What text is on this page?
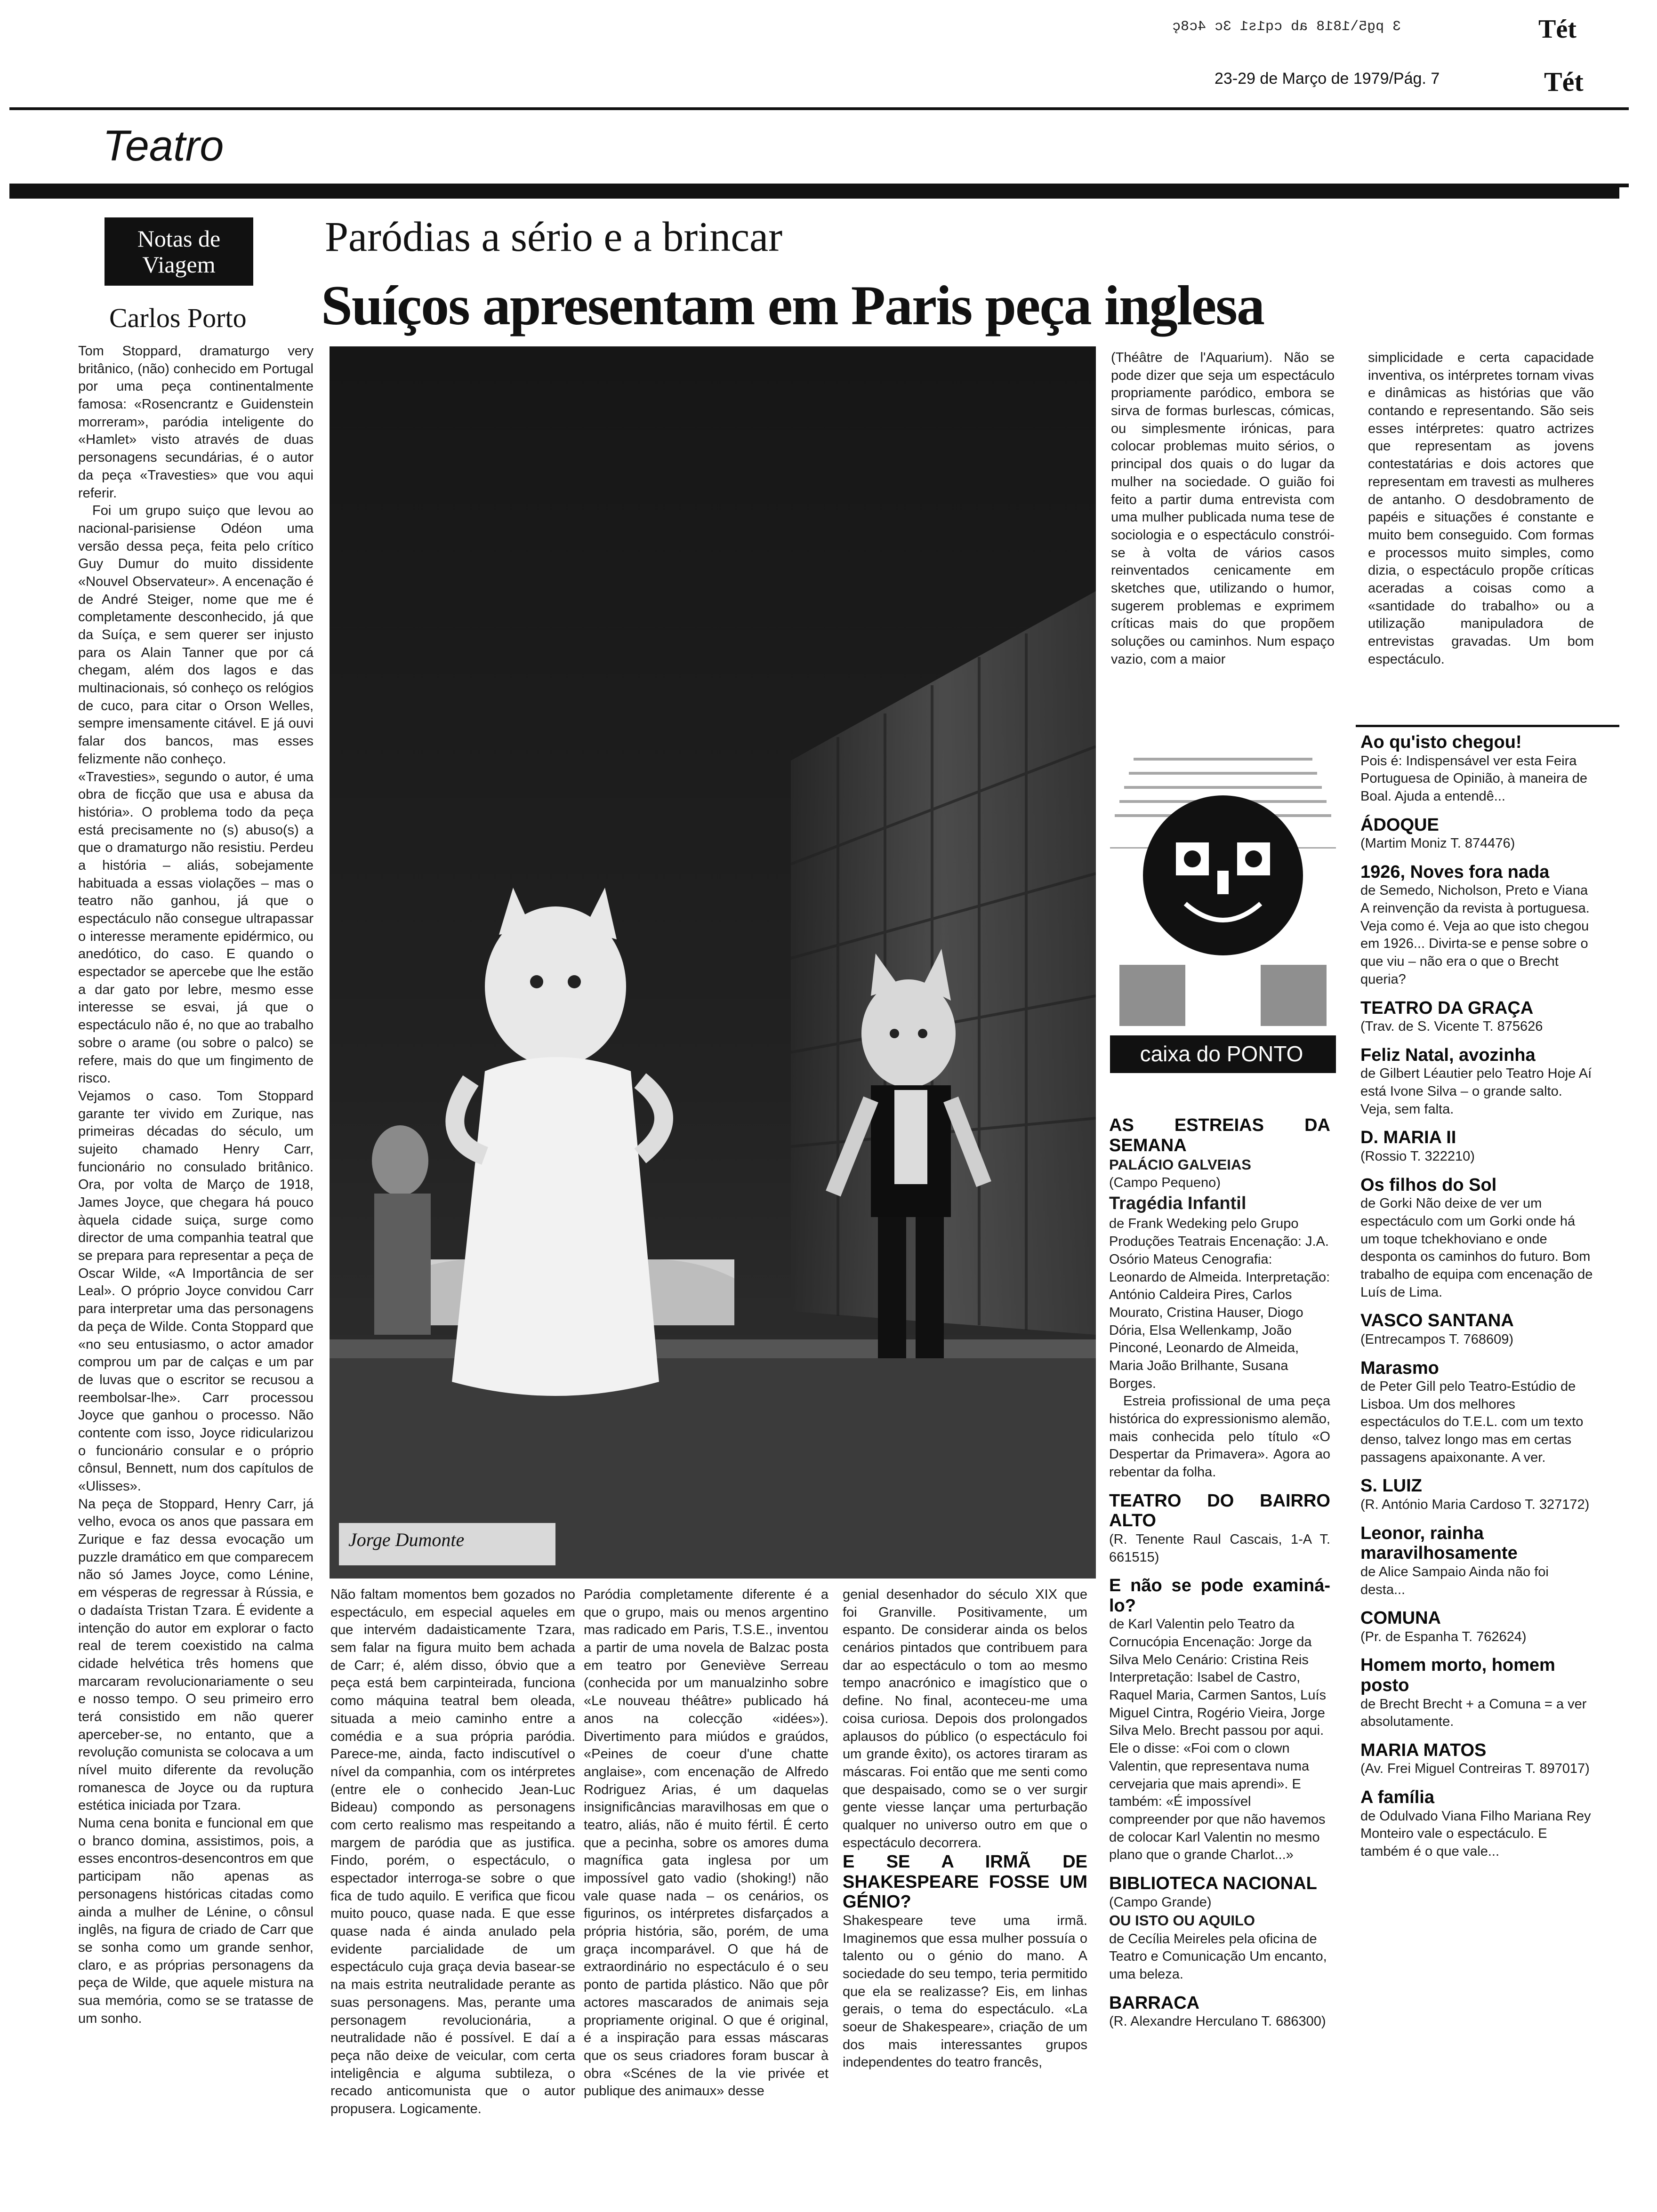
3 pg5\1818 ab cq1s1 3c 4c8ç	Tét
23-29 de Março de 1979/Pág. 7	Tét
Teatro
Notas de Viagem
Carlos Porto
Paródias a sério e a brincar
Suíços apresentam em Paris peça inglesa

Tom Stoppard, dramaturgo very britânico, (não) conhecido em Portugal por uma peça continentalmente famosa: «Rosencrantz e Guidenstein morreram», paródia inteligente do «Hamlet» visto através de duas personagens secundárias, é o autor da peça «Travesties» que vou aqui referir.

Foi um grupo suiço que levou ao nacional-parisiense Odéon uma versão dessa peça, feita pelo crítico Guy Dumur do muito dissidente «Nouvel Observateur». A encenação é de André Steiger, nome que me é completamente desconhecido, já que da Suíça, e sem querer ser injusto para os Alain Tanner que por cá chegam, além dos lagos e das multinacionais, só conheço os relógios de cuco, para citar o Orson Welles, sempre imensamente citável. E já ouvi falar dos bancos, mas esses felizmente não conheço.

«Travesties», segundo o autor, é uma obra de ficção que usa e abusa da história». O problema todo da peça está precisamente no (s) abuso(s) a que o dramaturgo não resistiu. Perdeu a história – aliás, sobejamente habituada a essas violações – mas o teatro não ganhou, já que o espectáculo não consegue ultrapassar o interesse meramente epidérmico, ou anedótico, do caso. E quando o espectador se apercebe que lhe estão a dar gato por lebre, mesmo esse interesse se esvai, já que o espectáculo não é, no que ao trabalho sobre o arame (ou sobre o palco) se refere, mais do que um fingimento de risco.

Vejamos o caso. Tom Stoppard garante ter vivido em Zurique, nas primeiras décadas do século, um sujeito chamado Henry Carr, funcionário no consulado britânico. Ora, por volta de Março de 1918, James Joyce, que chegara há pouco àquela cidade suiça, surge como director de uma companhia teatral que se prepara para representar a peça de Oscar Wilde, «A Importância de ser Leal». O próprio Joyce convidou Carr para interpretar uma das personagens da peça de Wilde. Conta Stoppard que «no seu entusiasmo, o actor amador comprou um par de calças e um par de luvas que o escritor se recusou a reembolsar-lhe». Carr processou Joyce que ganhou o processo. Não contente com isso, Joyce ridicularizou o funcionário consular e o próprio cônsul, Bennett, num dos capítulos de «Ulisses».

Na peça de Stoppard, Henry Carr, já velho, evoca os anos que passara em Zurique e faz dessa evocação um puzzle dramático em que comparecem não só James Joyce, como Lénine, em vésperas de regressar à Rússia, e o dadaísta Tristan Tzara. É evidente a intenção do autor em explorar o facto real de terem coexistido na calma cidade helvética três homens que marcaram revolucionariamente o seu e nosso tempo. O seu primeiro erro terá consistido em não querer aperceber-se, no entanto, que a revolução comunista se colocava a um nível muito diferente da revolução romanesca de Joyce ou da ruptura estética iniciada por Tzara.

Numa cena bonita e funcional em que o branco domina, assistimos, pois, a esses encontros-desencontros em que participam não apenas as personagens históricas citadas como ainda a mulher de Lénine, o cônsul inglês, na figura de criado de Carr que se sonha como um grande senhor, claro, e as próprias personagens da peça de Wilde, que aquele mistura na sua memória, como se se tratasse de um sonho.

Jorge Dumonte
Não faltam momentos bem gozados no espectáculo, em especial aqueles em que intervém dadaisticamente Tzara, sem falar na figura muito bem achada de Carr; é, além disso, óbvio que a peça está bem carpinteirada, funciona como máquina teatral bem oleada, situada a meio caminho entre a comédia e a sua própria paródia. Parece-me, ainda, facto indiscutível o nível da companhia, com os intérpretes (entre ele o conhecido Jean-Luc Bideau) compondo as personagens com certo realismo mas respeitando a margem de paródia que as justifica. Findo, porém, o espectáculo, o espectador interroga-se sobre o que fica de tudo aquilo. E verifica que ficou muito pouco, quase nada. E que esse quase nada é ainda anulado pela evidente parcialidade de um espectáculo cuja graça devia basear-se na mais estrita neutralidade perante as suas personagens. Mas, perante uma personagem revolucionária, a neutralidade não é possível. E daí a peça não deixe de veicular, com certa inteligência e alguma subtileza, o recado anticomunista que o autor propusera. Logicamente.
Paródia completamente diferente é a que o grupo, mais ou menos argentino mas radicado em Paris, T.S.E., inventou a partir de uma novela de Balzac posta em teatro por Geneviève Serreau (conhecida por um manualzinho sobre «Le nouveau théâtre» publicado há anos na colecção «idées»). Divertimento para miúdos e graúdos, «Peines de coeur d'une chatte anglaise», com encenação de Alfredo Rodriguez Arias, é um daquelas insignificâncias maravilhosas em que o teatro, aliás, não é muito fértil. É certo que a pecinha, sobre os amores duma magnífica gata inglesa por um impossível gato vadio (shoking!) não vale quase nada – os cenários, os figurinos, os intérpretes disfarçados a própria história, são, porém, de uma graça incomparável. O que há de extraordinário no espectáculo é o seu ponto de partida plástico. Não que pôr actores mascarados de animais seja propriamente original. O que é original, é a inspiração para essas máscaras que os seus criadores foram buscar à obra «Scénes de la vie privée et publique des animaux» desse

genial desenhador do século XIX que foi Granville. Positivamente, um espanto. De considerar ainda os belos cenários pintados que contribuem para dar ao espectáculo o tom ao mesmo tempo anacrónico e imagístico que o define. No final, aconteceu-me uma coisa curiosa. Depois dos prolongados aplausos do público (o espectáculo foi um grande êxito), os actores tiraram as máscaras. Foi então que me senti como que despaisado, como se o ver surgir gente viesse lançar uma perturbação qualquer no universo outro em que o espectáculo decorrera.

E SE A IRMÃ DE SHAKESPEARE FOSSE UM GÉNIO?

Shakespeare teve uma irmã. Imaginemos que essa mulher possuía o talento ou o génio do mano. A sociedade do seu tempo, teria permitido que ela se realizasse? Eis, em linhas gerais, o tema do espectáculo. «La soeur de Shakespeare», criação de um dos mais interessantes grupos independentes do teatro francês,

(Théâtre de l'Aquarium). Não se pode dizer que seja um espectáculo propriamente paródico, embora se sirva de formas burlescas, cómicas, ou simplesmente irónicas, para colocar problemas muito sérios, o principal dos quais o do lugar da mulher na sociedade. O guião foi feito a partir duma entrevista com uma mulher publicada numa tese de sociologia e o espectáculo constrói-se à volta de vários casos reinventados cenicamente em sketches que, utilizando o humor, sugerem problemas e exprimem críticas mais do que propõem soluções ou caminhos. Num espaço vazio, com a maior
simplicidade e certa capacidade inventiva, os intérpretes tornam vivas e dinâmicas as histórias que vão contando e representando. São seis esses intérpretes: quatro actrizes que representam as jovens contestatárias e dois actores que representam em travesti as mulheres de antanho. O desdobramento de papéis e situações é constante e muito bem conseguido. Com formas e processos muito simples, como dizia, o espectáculo propõe críticas aceradas a coisas como a «santidade do trabalho» ou a utilização manipuladora de entrevistas gravadas. Um bom espectáculo.
caixa do PONTO

AS ESTREIAS DA SEMANA

PALÁCIO GALVEIAS

(Campo Pequeno)

Tragédia Infantil

de Frank Wedeking pelo Grupo Produções Teatrais Encenação: J.A. Osório Mateus Cenografia: Leonardo de Almeida. Interpretação: António Caldeira Pires, Carlos Mourato, Cristina Hauser, Diogo Dória, Elsa Wellenkamp, João Pinconé, Leonardo de Almeida, Maria João Brilhante, Susana Borges.

Estreia profissional de uma peça histórica do expressionismo alemão, mais conhecida pelo título «O Despertar da Primavera». Agora ao rebentar da folha.

TEATRO DO BAIRRO ALTO

(R. Tenente Raul Cascais, 1-A T. 661515)

E não se pode examiná-lo?

de Karl Valentin pelo Teatro da Cornucópia Encenação: Jorge da Silva Melo Cenário: Cristina Reis Interpretação: Isabel de Castro, Raquel Maria, Carmen Santos, Luís Miguel Cintra, Rogério Vieira, Jorge Silva Melo. Brecht passou por aqui. Ele o disse: «Foi com o clown Valentin, que representava numa cervejaria que mais aprendi». E também: «É impossível compreender por que não havemos de colocar Karl Valentin no mesmo plano que o grande Charlot...»

BIBLIOTECA NACIONAL

(Campo Grande)

OU ISTO OU AQUILO

de Cecília Meireles pela oficina de Teatro e Comunicação Um encanto, uma beleza.

BARRACA

(R. Alexandre Herculano T. 686300)

Ao qu'isto chegou!

Pois é: Indispensável ver esta Feira Portuguesa de Opinião, à maneira de Boal. Ajuda a entendê...

ÁDOQUE

(Martim Moniz T. 874476)

1926, Noves fora nada

de Semedo, Nicholson, Preto e Viana A reinvenção da revista à portuguesa. Veja como é. Veja ao que isto chegou em 1926... Divirta-se e pense sobre o que viu – não era o que o Brecht queria?

TEATRO DA GRAÇA

(Trav. de S. Vicente T. 875626

Feliz Natal, avozinha

de Gilbert Léautier pelo Teatro Hoje Aí está Ivone Silva – o grande salto. Veja, sem falta.

D. MARIA II

(Rossio T. 322210)

Os filhos do Sol

de Gorki Não deixe de ver um espectáculo com um Gorki onde há um toque tchekhoviano e onde desponta os caminhos do futuro. Bom trabalho de equipa com encenação de Luís de Lima.

VASCO SANTANA

(Entrecampos T. 768609)

Marasmo

de Peter Gill pelo Teatro-Estúdio de Lisboa. Um dos melhores espectáculos do T.E.L. com um texto denso, talvez longo mas em certas passagens apaixonante. A ver.

S. LUIZ

(R. António Maria Cardoso T. 327172)

Leonor, rainha maravilhosamente

de Alice Sampaio Ainda não foi desta...

COMUNA

(Pr. de Espanha T. 762624)

Homem morto, homem posto

de Brecht Brecht + a Comuna = a ver absolutamente.

MARIA MATOS

(Av. Frei Miguel Contreiras T. 897017)

A família

de Odulvado Viana Filho Mariana Rey Monteiro vale o espectáculo. E também é o que vale...
